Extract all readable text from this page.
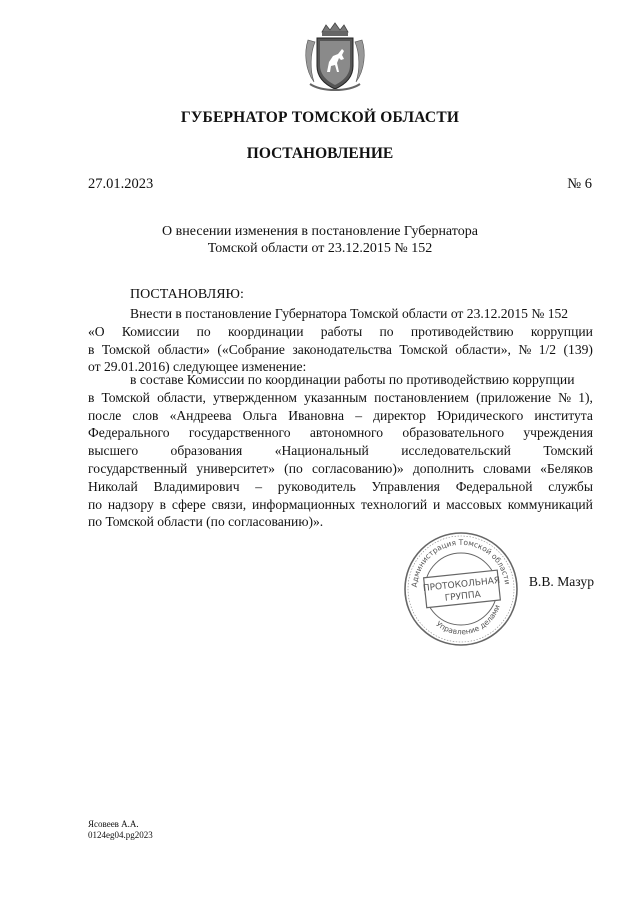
ГУБЕРНАТОР ТОМСКОЙ ОБЛАСТИ
ПОСТАНОВЛЕНИЕ
27.01.2023	№ 6
О внесении изменения в постановление Губернатора
Томской области от 23.12.2015 № 152
ПОСТАНОВЛЯЮ:
Внести в постановление Губернатора Томской области от 23.12.2015 № 152
«О Комиссии по координации работы по противодействию коррупции
в Томской области» («Собрание законодательства Томской области», № 1/2 (139)
от 29.01.2016) следующее изменение:
в составе Комиссии по координации работы по противодействию коррупции
в Томской области, утвержденном указанным постановлением (приложение № 1),
после слов «Андреева Ольга Ивановна – директор Юридического института
Федерального государственного автономного образовательного учреждения
высшего образования «Национальный исследовательский Томский
государственный университет» (по согласованию)» дополнить словами «Беляков
Николай Владимирович – руководитель Управления Федеральной службы
по надзору в сфере связи, информационных технологий и массовых коммуникаций
по Томской области (по согласованию)».
Администрация Томской области
Управление делами
ПРОТОКОЛЬНАЯ
ГРУППА
В.В. Мазур
Ясовеев А.А.
0124eg04.pg2023
